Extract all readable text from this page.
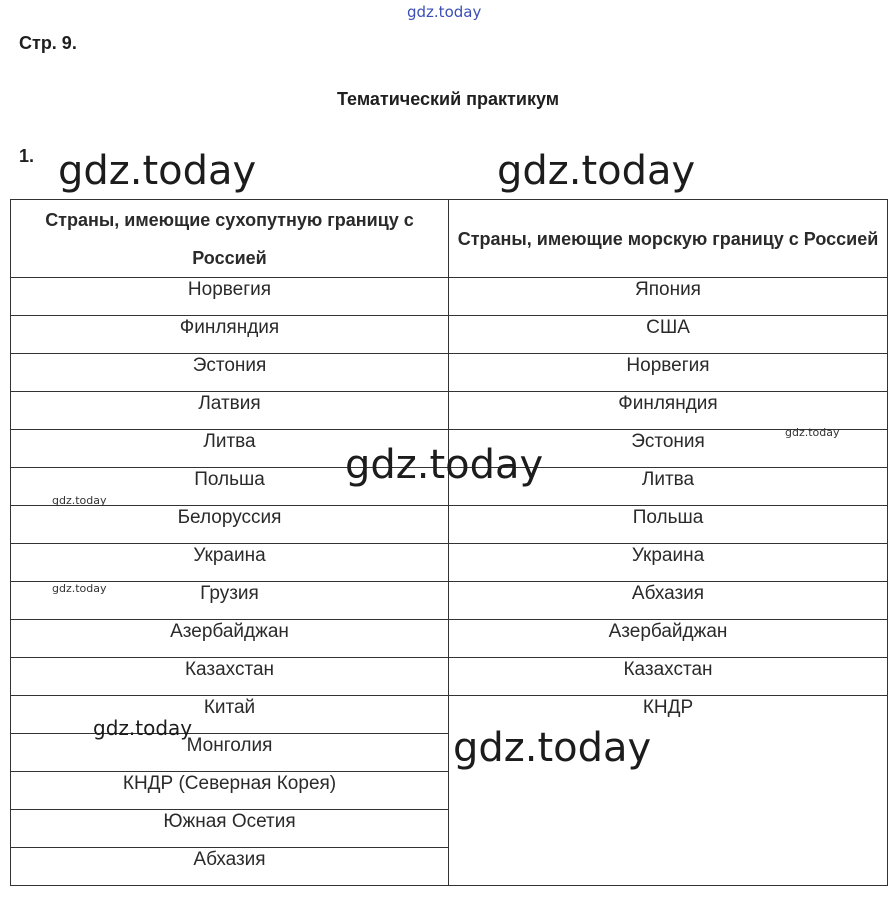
gdz.today
Стр. 9.
Тематический практикум
1.
Страны, имеющие сухопутную границу с Россией	Страны, имеющие морскую границу с Россией
Норвегия	Япония
Финляндия	США
Эстония	Норвегия
Латвия	Финляндия
Литва	Эстония
Польша	Литва
Белоруссия	Польша
Украина	Украина
Грузия	Абхазия
Азербайджан	Азербайджан
Казахстан	Казахстан
Китай	КНДР
Монголия	
КНДР (Северная Корея)	
Южная Осетия	
Абхазия	
gdz.today	gdz.today
gdz.today
gdz.today
gdz.today
gdz.today
gdz.today
gdz.today
